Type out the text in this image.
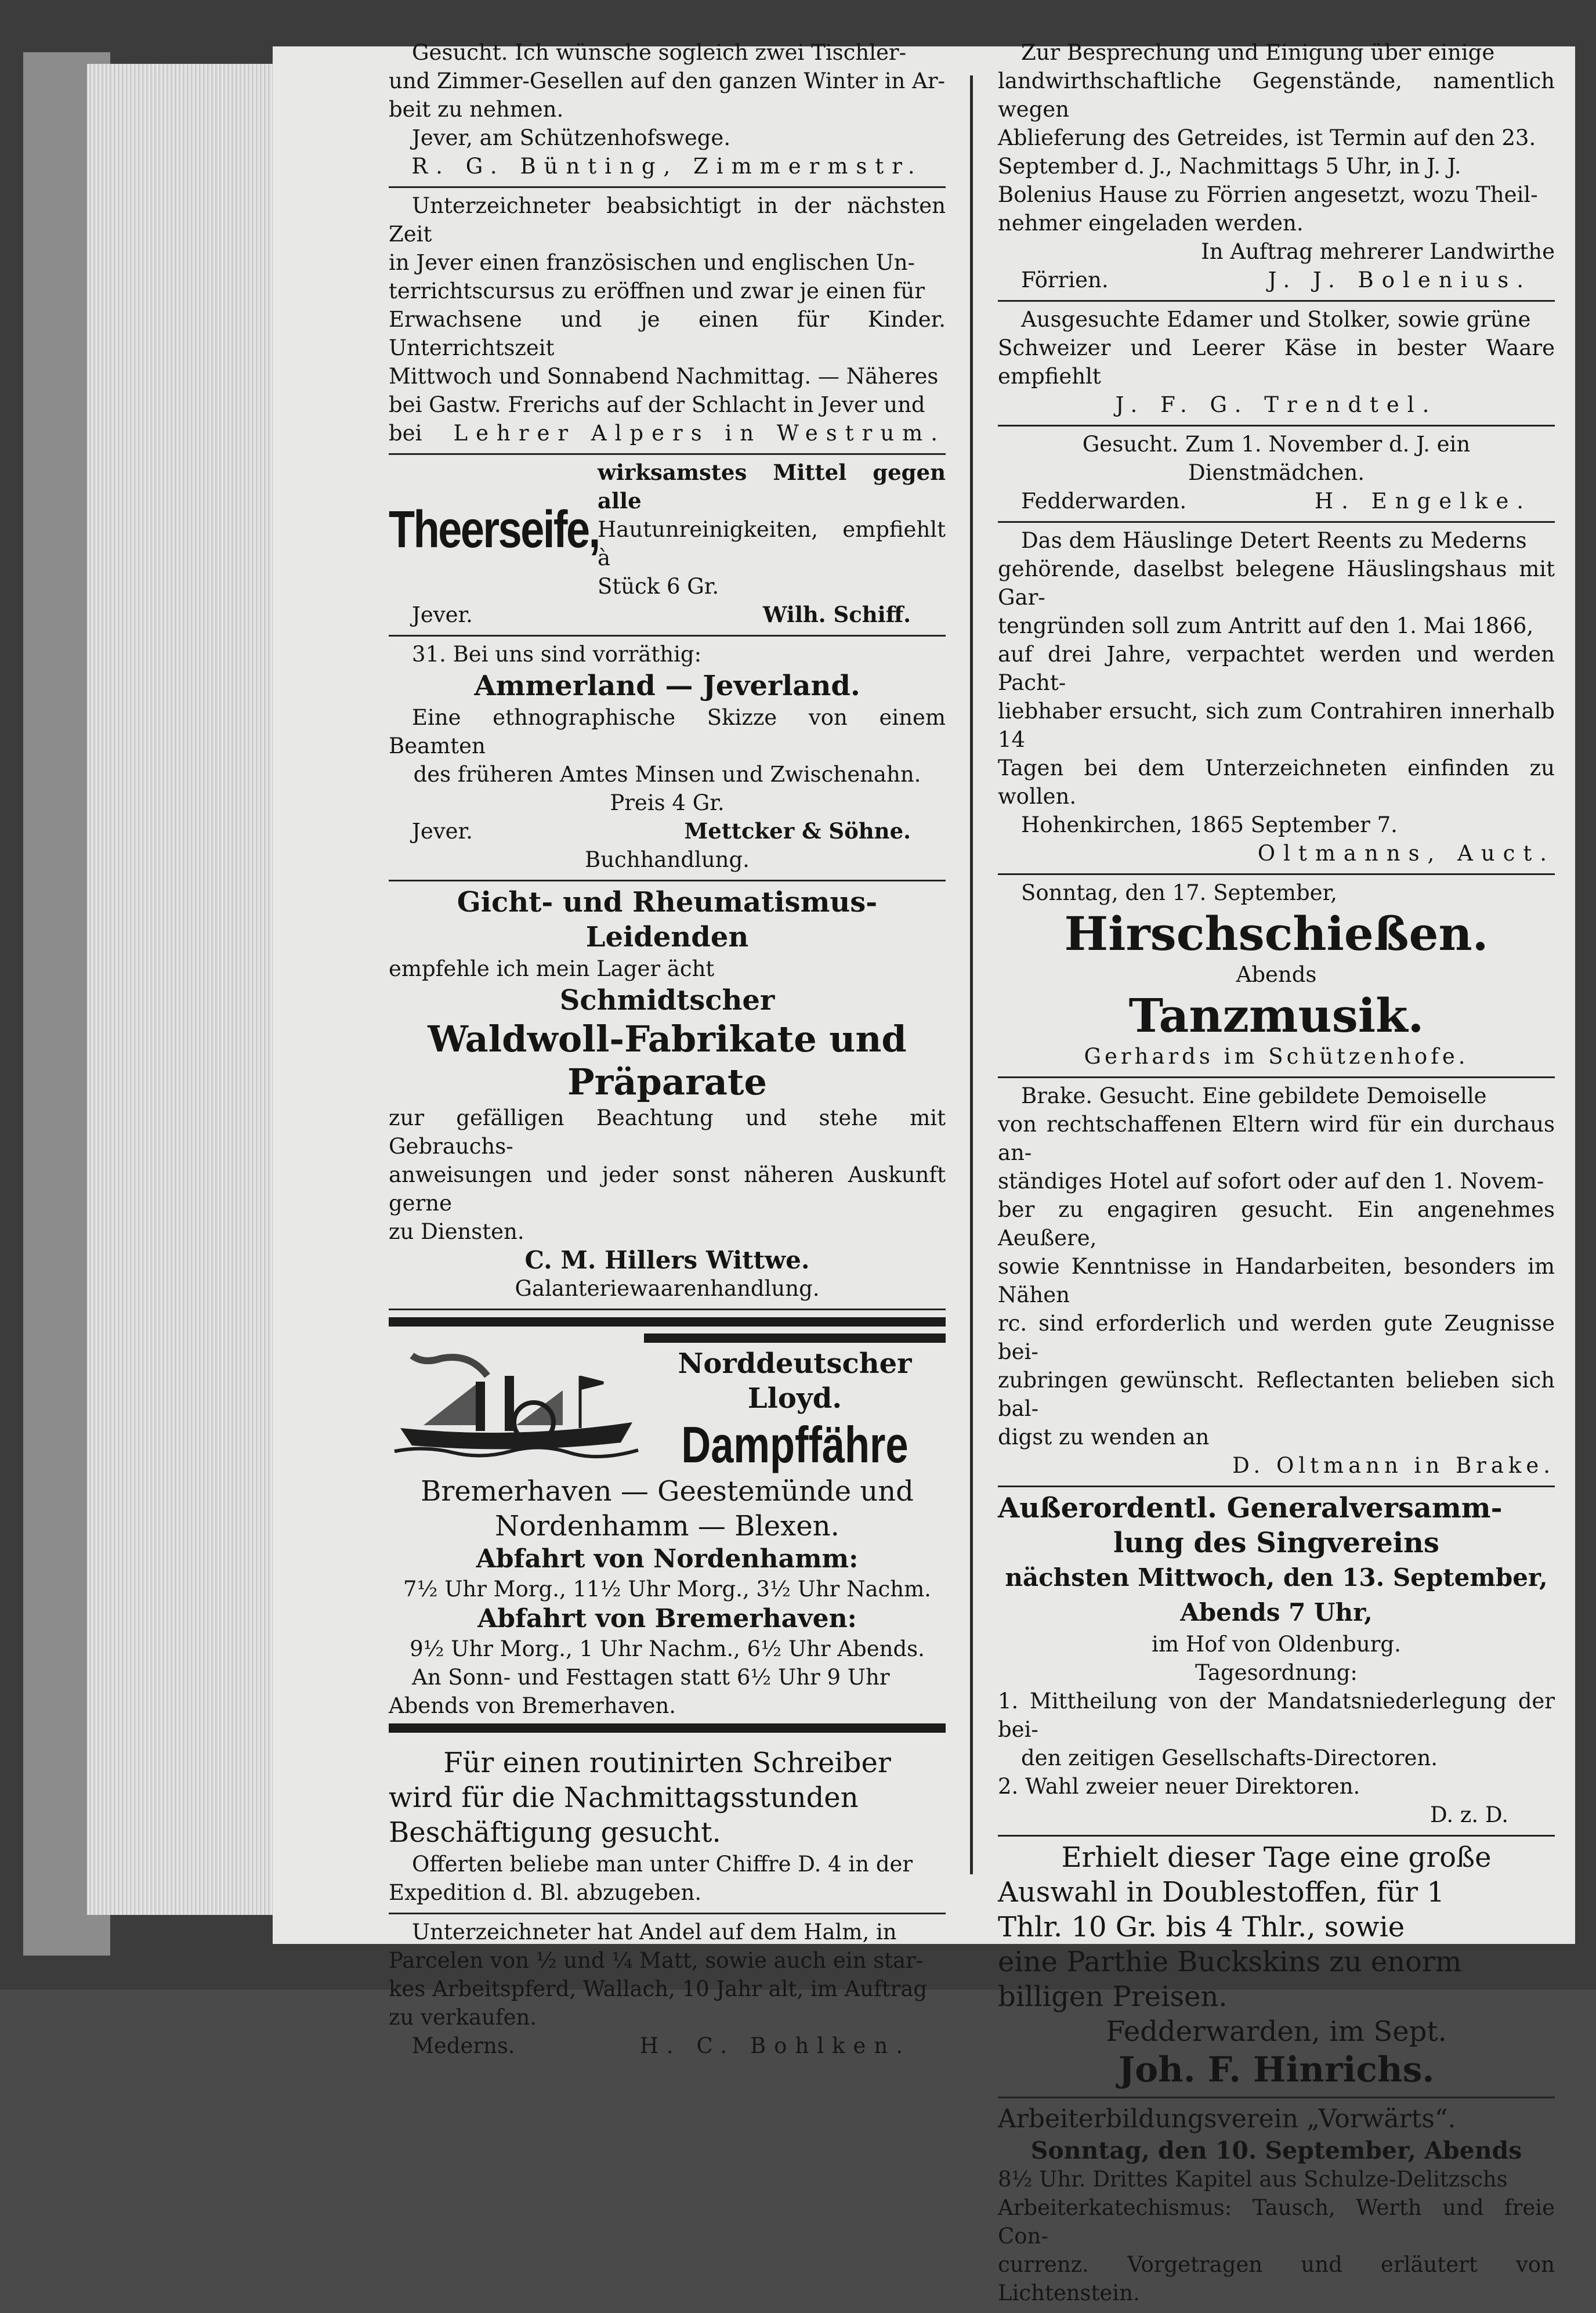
Gesucht. Ich wünsche sogleich zwei Tischler-

und Zimmer-Gesellen auf den ganzen Winter in Ar-

beit zu nehmen.

Jever, am Schützenhofswege.

R. G. Bünting, Zimmermstr.

Unterzeichneter beabsichtigt in der nächsten Zeit

in Jever einen französischen und englischen Un-

terrichtscursus zu eröffnen und zwar je einen für

Erwachsene und je einen für Kinder. Unterrichtszeit

Mittwoch und Sonnabend Nachmittag. — Näheres

bei Gastw. Frerichs auf der Schlacht in Jever und

bei Lehrer Alpers in Westrum.
Theerseife,

wirksamstes Mittel gegen alle

Hautunreinigkeiten, empfiehlt à

Stück 6 Gr.

Jever.	Wilh. Schiff.

31. Bei uns sind vorräthig:

Ammerland — Jeverland.

Eine ethnographische Skizze von einem Beamten

des früheren Amtes Minsen und Zwischenahn.

Preis 4 Gr.

Jever.	Mettcker & Söhne.

Buchhandlung.

Gicht- und Rheumatismus-

Leidenden

empfehle ich mein Lager ächt

Schmidtscher

Waldwoll-Fabrikate und

Präparate

zur gefälligen Beachtung und stehe mit Gebrauchs-

anweisungen und jeder sonst näheren Auskunft gerne

zu Diensten.

C. M. Hillers Wittwe.

Galanteriewaarenhandlung.

Norddeutscher

Lloyd.

Dampffähre

Bremerhaven — Geestemünde und

Nordenhamm — Blexen.

Abfahrt von Nordenhamm:

7½ Uhr Morg., 11½ Uhr Morg., 3½ Uhr Nachm.

Abfahrt von Bremerhaven:

9½ Uhr Morg., 1 Uhr Nachm., 6½ Uhr Abends.

An Sonn- und Festtagen statt 6½ Uhr 9 Uhr

Abends von Bremerhaven.

Für einen routinirten Schreiber

wird für die Nachmittagsstunden

Beschäftigung gesucht.

Offerten beliebe man unter Chiffre D. 4 in der

Expedition d. Bl. abzugeben.

Unterzeichneter hat Andel auf dem Halm, in

Parcelen von ½ und ¼ Matt, sowie auch ein star-

kes Arbeitspferd, Wallach, 10 Jahr alt, im Auftrag

zu verkaufen.

Mederns.	H. C. Bohlken.

Zur Besprechung und Einigung über einige

landwirthschaftliche Gegenstände, namentlich wegen

Ablieferung des Getreides, ist Termin auf den 23.

September d. J., Nachmittags 5 Uhr, in J. J.

Bolenius Hause zu Förrien angesetzt, wozu Theil-

nehmer eingeladen werden.

In Auftrag mehrerer Landwirthe

Förrien.	J. J. Bolenius.

Ausgesuchte Edamer und Stolker, sowie grüne

Schweizer und Leerer Käse in bester Waare empfiehlt

J. F. G. Trendtel.

Gesucht. Zum 1. November d. J. ein

Dienstmädchen.

Fedderwarden.	H. Engelke.

Das dem Häuslinge Detert Reents zu Mederns

gehörende, daselbst belegene Häuslingshaus mit Gar-

tengründen soll zum Antritt auf den 1. Mai 1866,

auf drei Jahre, verpachtet werden und werden Pacht-

liebhaber ersucht, sich zum Contrahiren innerhalb 14

Tagen bei dem Unterzeichneten einfinden zu wollen.

Hohenkirchen, 1865 September 7.

Oltmanns, Auct.

Sonntag, den 17. September,

Hirschschießen.

Abends

Tanzmusik.

Gerhards im Schützenhofe.

Brake. Gesucht. Eine gebildete Demoiselle

von rechtschaffenen Eltern wird für ein durchaus an-

ständiges Hotel auf sofort oder auf den 1. Novem-

ber zu engagiren gesucht. Ein angenehmes Aeußere,

sowie Kenntnisse in Handarbeiten, besonders im Nähen

rc. sind erforderlich und werden gute Zeugnisse bei-

zubringen gewünscht. Reflectanten belieben sich bal-

digst zu wenden an

D. Oltmann in Brake.

Außerordentl. Generalversamm-

lung des Singvereins

nächsten Mittwoch, den 13. September,

Abends 7 Uhr,

im Hof von Oldenburg.

Tagesordnung:

1. Mittheilung von der Mandatsniederlegung der bei-

den zeitigen Gesellschafts-Directoren.

2. Wahl zweier neuer Direktoren.

D. z. D.

Erhielt dieser Tage eine große

Auswahl in Doublestoffen, für 1

Thlr. 10 Gr. bis 4 Thlr., sowie

eine Parthie Buckskins zu enorm

billigen Preisen.

Fedderwarden, im Sept.

Joh. F. Hinrichs.

Arbeiterbildungsverein „Vorwärts“.

Sonntag, den 10. September, Abends

8½ Uhr. Drittes Kapitel aus Schulze-Delitzschs

Arbeiterkatechismus: Tausch, Werth und freie Con-

currenz. Vorgetragen und erläutert von Lichtenstein.
